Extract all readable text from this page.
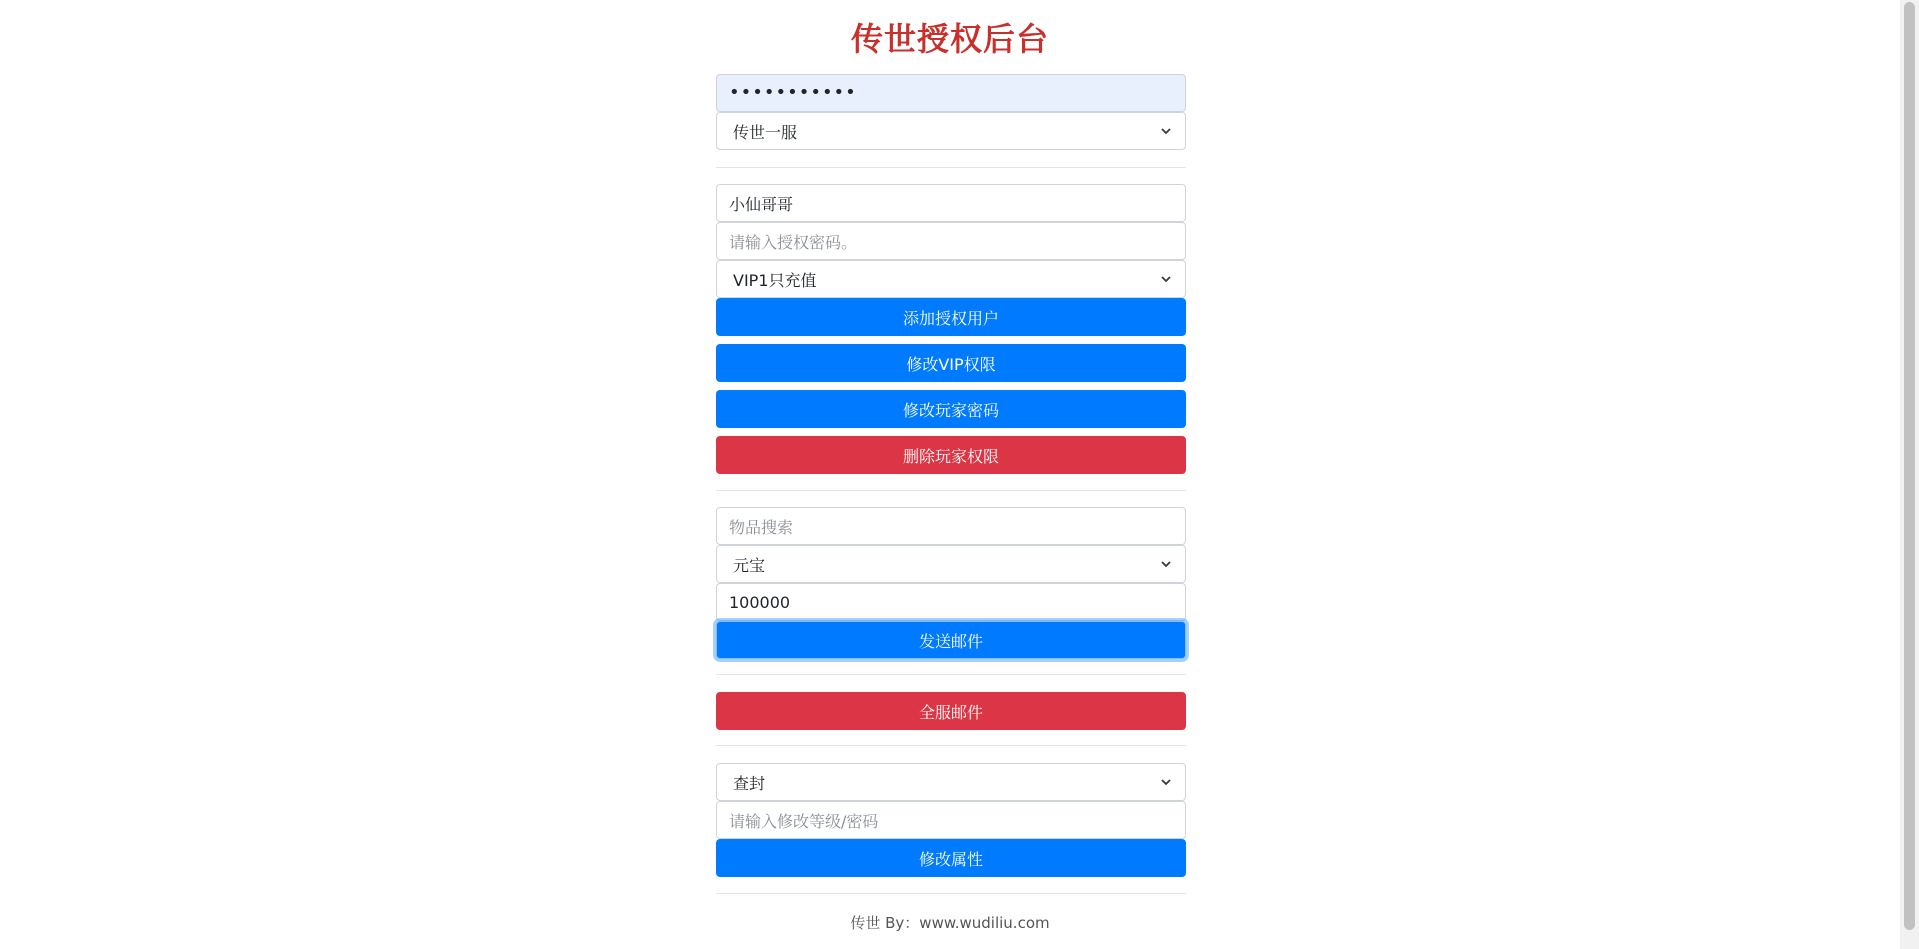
传世授权后台
•••••••••••
传世一服
小仙哥哥
请输入授权密码。
VIP1只充值
添加授权用户
修改VIP权限
修改玩家密码
删除玩家权限
物品搜索
元宝
100000
发送邮件
全服邮件
查封
请输入修改等级/密码
修改属性
传世 By：www.wudiliu.com
